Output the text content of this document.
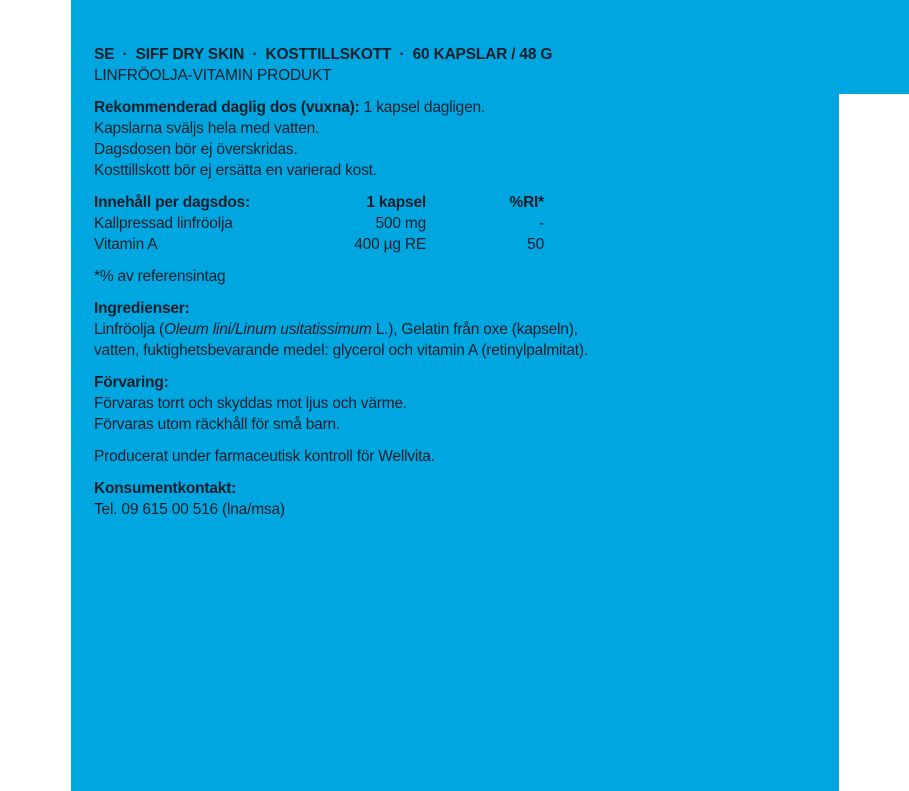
SE  ·  SIFF DRY SKIN  ·  KOSTTILLSKOTT  ·  60 KAPSLAR / 48 G

LINFRÖOLJA-VITAMIN PRODUKT

Rekommenderad daglig dos (vuxna): 1 kapsel dagligen.

Kapslarna sväljs hela med vatten.

Dagsdosen bör ej överskridas.

Kosttillskott bör ej ersätta en varierad kost.

Innehåll per dagsdos:	1 kapsel	%RI*
Kallpressad linfröolja	500 mg	-
Vitamin A	400 µg RE	50

*% av referensintag

Ingredienser:

Linfröolja (Oleum lini/Linum usitatissimum L.), Gelatin från oxe (kapseln),

vatten, fuktighetsbevarande medel: glycerol och vitamin A (retinylpalmitat).

Förvaring:

Förvaras torrt och skyddas mot ljus och värme.

Förvaras utom räckhåll för små barn.

Producerat under farmaceutisk kontroll för Wellvita.

Konsumentkontakt:

Tel. 09 615 00 516 (lna/msa)
